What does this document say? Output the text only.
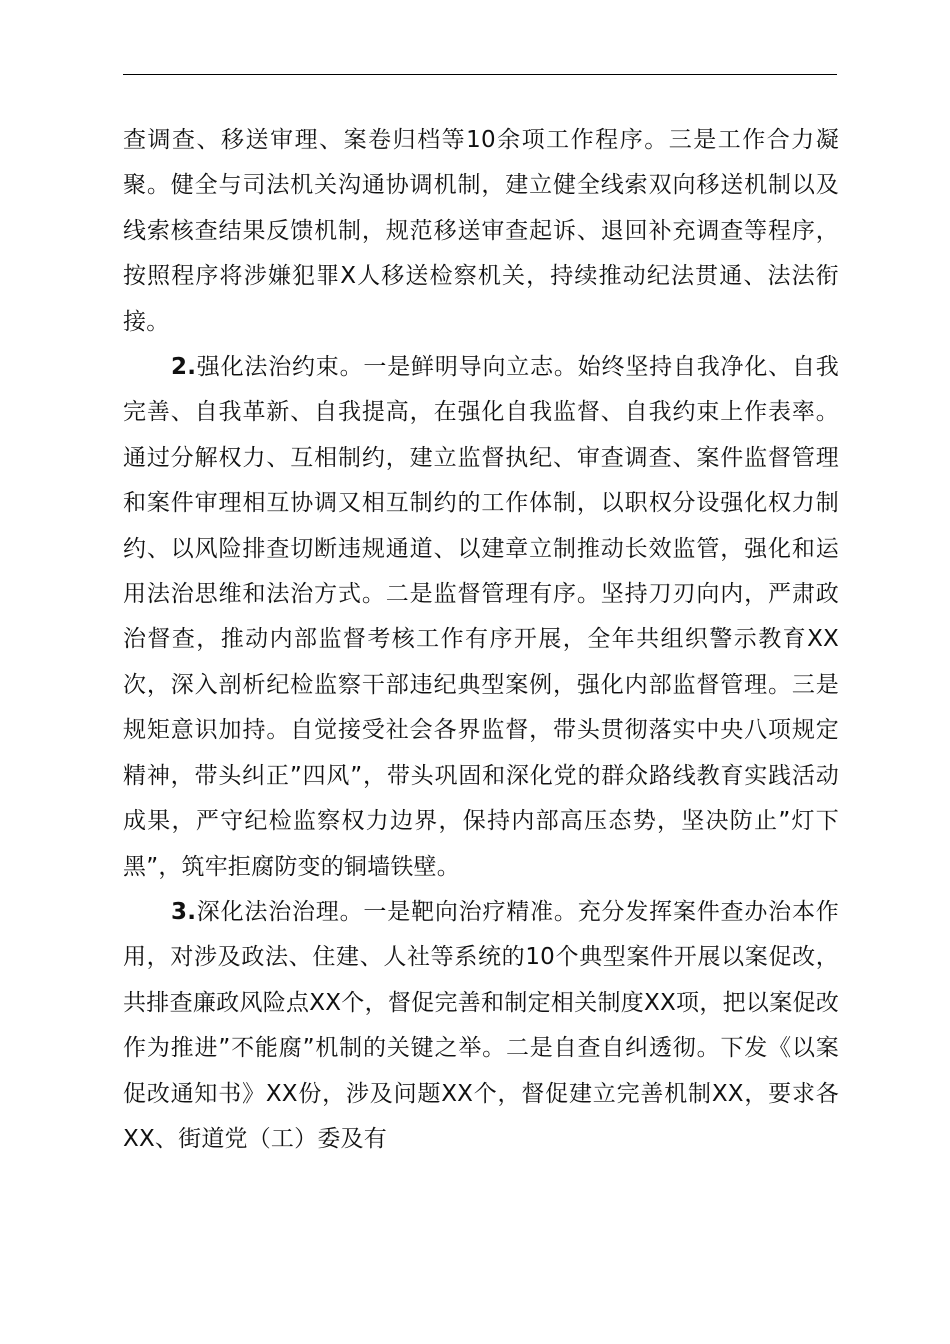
查调查、移送审理、案卷归档等10余项工作程序。三是工作合力凝聚。健全与司法机关沟通协调机制，建立健全线索双向移送机制以及线索核查结果反馈机制，规范移送审查起诉、退回补充调查等程序，按照程序将涉嫌犯罪X人移送检察机关，持续推动纪法贯通、法法衔接。

2.强化法治约束。一是鲜明导向立志。始终坚持自我净化、自我完善、自我革新、自我提高，在强化自我监督、自我约束上作表率。通过分解权力、互相制约，建立监督执纪、审查调查、案件监督管理和案件审理相互协调又相互制约的工作体制，以职权分设强化权力制约、以风险排查切断违规通道、以建章立制推动长效监管，强化和运用法治思维和法治方式。二是监督管理有序。坚持刀刃向内，严肃政治督查，推动内部监督考核工作有序开展，全年共组织警示教育XX次，深入剖析纪检监察干部违纪典型案例，强化内部监督管理。三是规矩意识加持。自觉接受社会各界监督，带头贯彻落实中央八项规定精神，带头纠正”四风”，带头巩固和深化党的群众路线教育实践活动成果，严守纪检监察权力边界，保持内部高压态势，坚决防止”灯下黑”，筑牢拒腐防变的铜墙铁壁。

3.深化法治治理。一是靶向治疗精准。充分发挥案件查办治本作用，对涉及政法、住建、人社等系统的10个典型案件开展以案促改，共排查廉政风险点XX个，督促完善和制定相关制度XX项，把以案促改作为推进”不能腐”机制的关键之举。二是自查自纠透彻。下发《以案促改通知书》XX份，涉及问题XX个，督促建立完善机制XX，要求各XX、街道党（工）委及有
